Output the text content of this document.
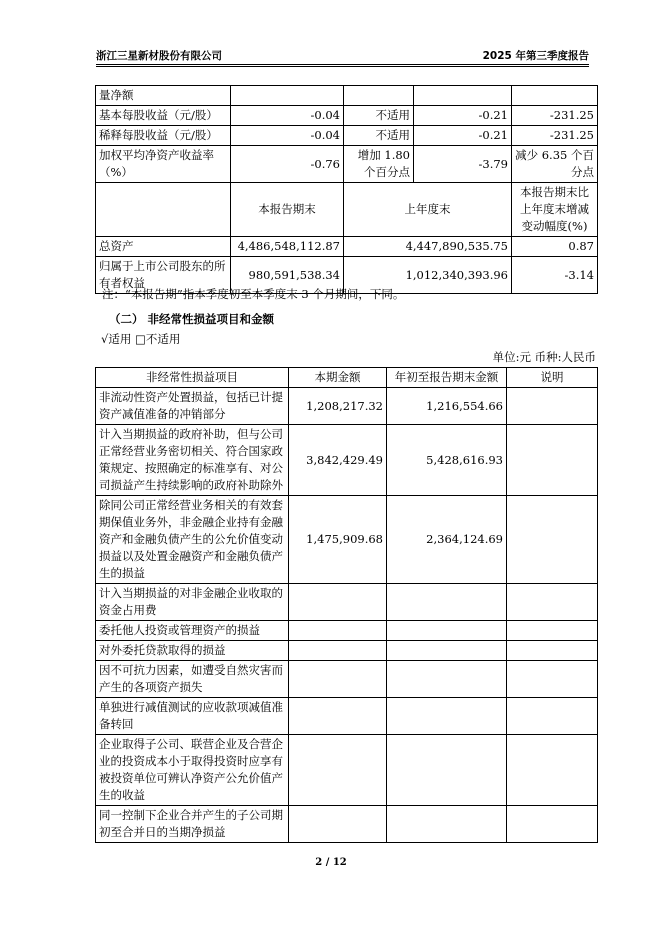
浙江三星新材股份有限公司	2025 年第三季度报告
量净额				
基本每股收益（元/股）	-0.04	不适用	-0.21	-231.25
稀释每股收益（元/股）	-0.04	不适用	-0.21	-231.25
加权平均净资产收益率（%）	-0.76	增加 1.80 个百分点	-3.79	减少 6.35 个百分点
	本报告期末	上年度末		本报告期末比上年度末增减变动幅度(%)
总资产	4,486,548,112.87	4,447,890,535.75		0.87
归属于上市公司股东的所有者权益	980,591,538.34	1,012,340,393.96		-3.14
注：“本报告期”指本季度初至本季度末 3 个月期间，下同。
（二） 非经常性损益项目和金额
√适用 □不适用
单位:元 币种:人民币
非经常性损益项目	本期金额	年初至报告期末金额	说明
非流动性资产处置损益，包括已计提资产减值准备的冲销部分	1,208,217.32	1,216,554.66	
计入当期损益的政府补助，但与公司正常经营业务密切相关、符合国家政策规定、按照确定的标准享有、对公司损益产生持续影响的政府补助除外	3,842,429.49	5,428,616.93	
除同公司正常经营业务相关的有效套期保值业务外，非金融企业持有金融资产和金融负债产生的公允价值变动损益以及处置金融资产和金融负债产生的损益	1,475,909.68	2,364,124.69	
计入当期损益的对非金融企业收取的资金占用费			
委托他人投资或管理资产的损益			
对外委托贷款取得的损益			
因不可抗力因素，如遭受自然灾害而产生的各项资产损失			
单独进行减值测试的应收款项减值准备转回			
企业取得子公司、联营企业及合营企业的投资成本小于取得投资时应享有被投资单位可辨认净资产公允价值产生的收益			
同一控制下企业合并产生的子公司期初至合并日的当期净损益			
2 / 12
